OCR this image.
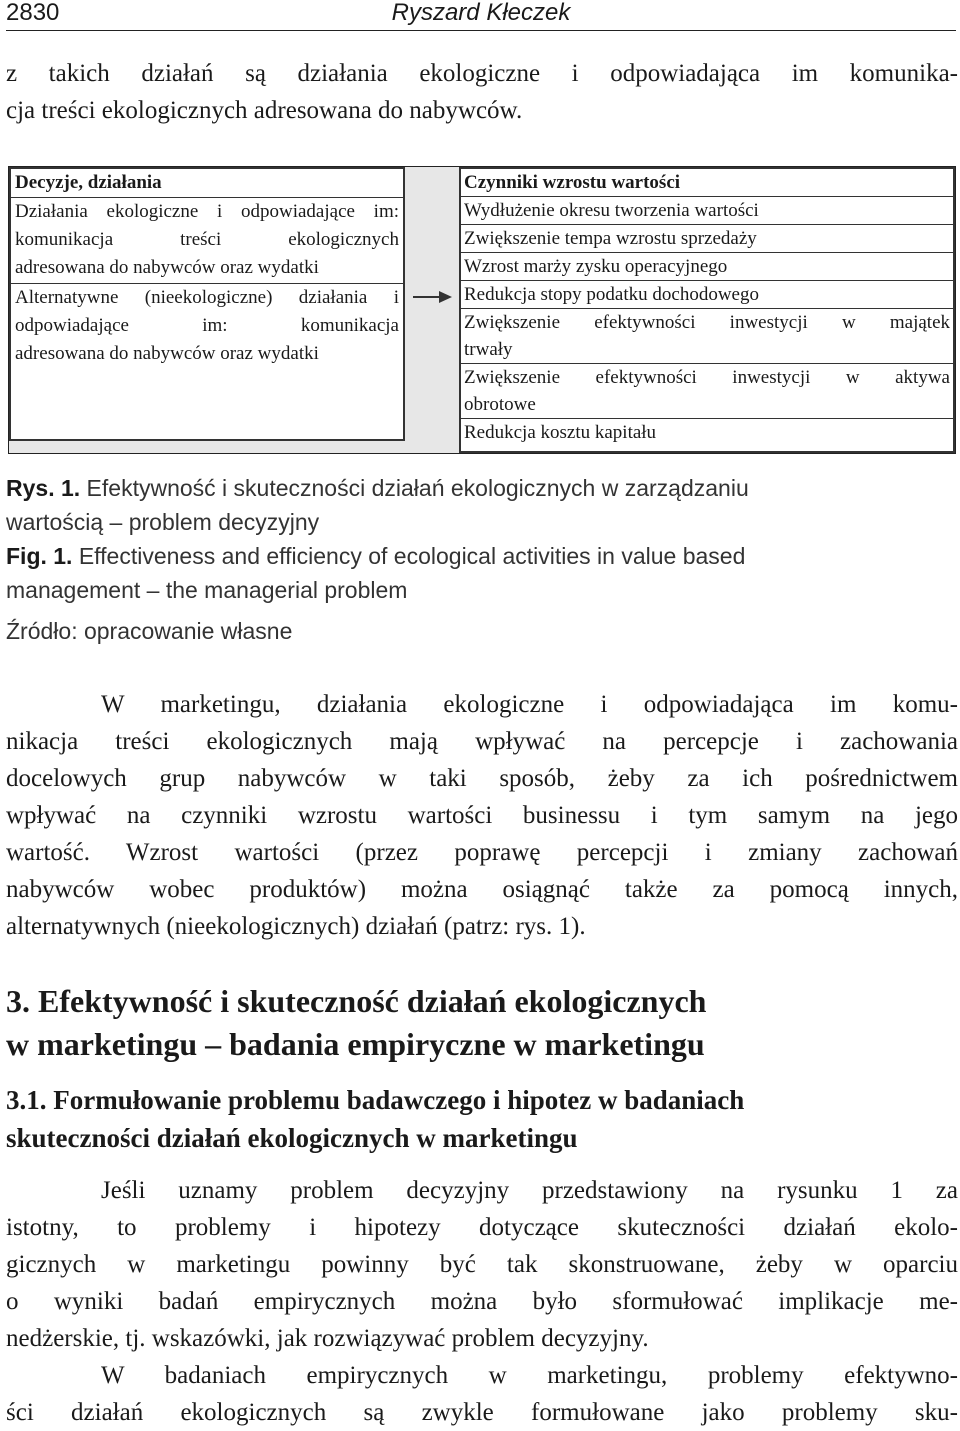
2830	Ryszard Kłeczek

z takich działań są działania ekologiczne i odpowiadająca im komunika-

cja treści ekologicznych adresowana do nabywców.

Decyzje, działania
Działania ekologiczne i odpowiadające im:
komunikacja treści ekologicznych
adresowana do nabywców oraz wydatki
Alternatywne (nieekologiczne) działania i
odpowiadające im: komunikacja
adresowana do nabywców oraz wydatki
Czynniki wzrostu wartości
Wydłużenie okresu tworzenia wartości
Zwiększenie tempa wzrostu sprzedaży
Wzrost marży zysku operacyjnego
Redukcja stopy podatku dochodowego
Zwiększenie efektywności inwestycji w majątek
trwały
Zwiększenie efektywności inwestycji w aktywa
obrotowe
Redukcja kosztu kapitału

Rys. 1. Efektywność i skuteczności działań ekologicznych w zarządzaniu
wartością – problem decyzyjny

Fig. 1. Effectiveness and efficiency of ecological activities in value based
management – the managerial problem

Źródło: opracowanie własne

W marketingu, działania ekologiczne i odpowiadająca im komu-

nikacja treści ekologicznych mają wpływać na percepcje i zachowania

docelowych grup nabywców w taki sposób, żeby za ich pośrednictwem

wpływać na czynniki wzrostu wartości businessu i tym samym na jego

wartość. Wzrost wartości (przez poprawę percepcji i zmiany zachowań

nabywców wobec produktów) można osiągnąć także za pomocą innych,

alternatywnych (nieekologicznych) działań (patrz: rys. 1).

3. Efektywność i skuteczność działań ekologicznych
w marketingu – badania empiryczne w marketingu
3.1. Formułowanie problemu badawczego i hipotez w badaniach
skuteczności działań ekologicznych w marketingu

Jeśli uznamy problem decyzyjny przedstawiony na rysunku 1 za

istotny, to problemy i hipotezy dotyczące skuteczności działań ekolo-

gicznych w marketingu powinny być tak skonstruowane, żeby w oparciu

o wyniki badań empirycznych można było sformułować implikacje me-

nedżerskie, tj. wskazówki, jak rozwiązywać problem decyzyjny.

W badaniach empirycznych w marketingu, problemy efektywno-

ści działań ekologicznych są zwykle formułowane jako problemy sku-
